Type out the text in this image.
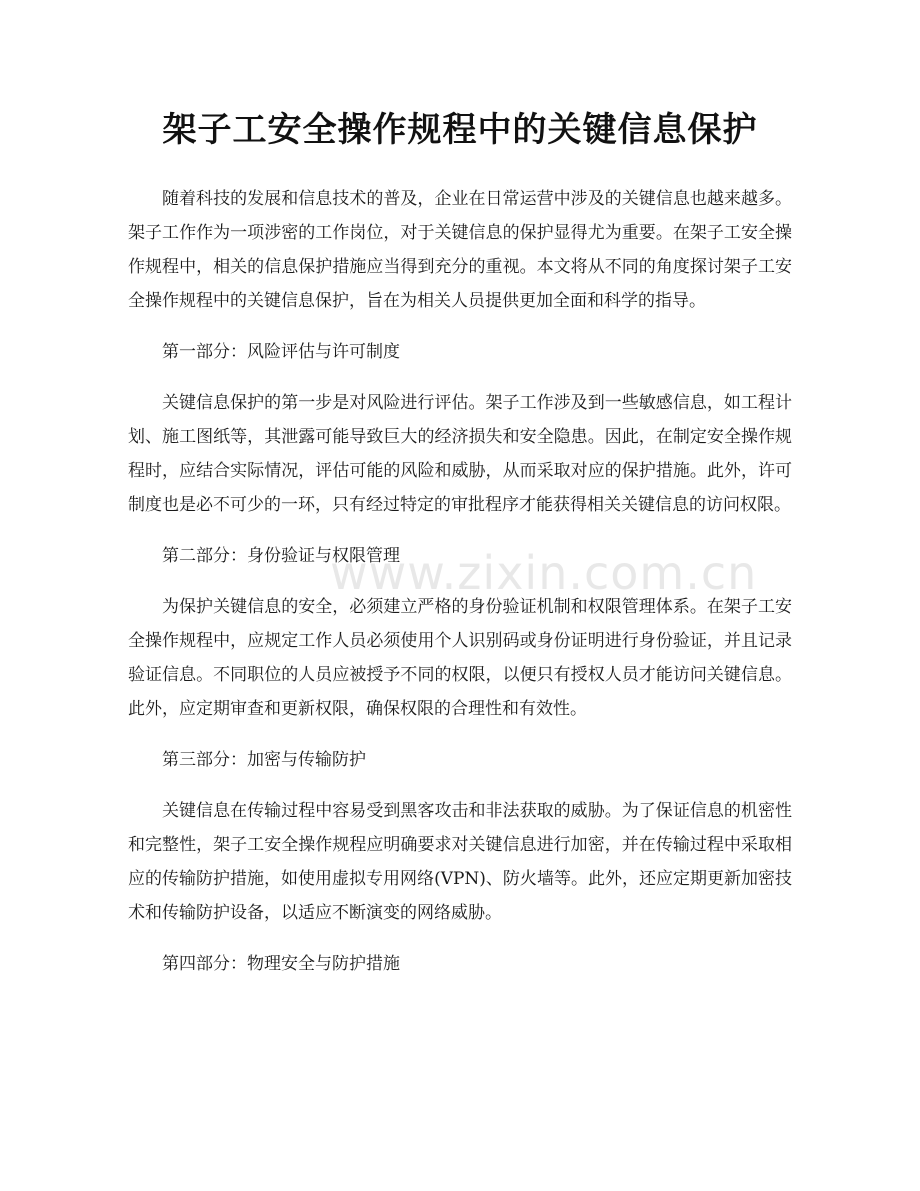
架子工安全操作规程中的关键信息保护

随着科技的发展和信息技术的普及，企业在日常运营中涉及的关键信息也越来越多。架子工作作为一项涉密的工作岗位，对于关键信息的保护显得尤为重要。在架子工安全操作规程中，相关的信息保护措施应当得到充分的重视。本文将从不同的角度探讨架子工安全操作规程中的关键信息保护，旨在为相关人员提供更加全面和科学的指导。

第一部分：风险评估与许可制度

关键信息保护的第一步是对风险进行评估。架子工作涉及到一些敏感信息，如工程计划、施工图纸等，其泄露可能导致巨大的经济损失和安全隐患。因此，在制定安全操作规程时，应结合实际情况，评估可能的风险和威胁，从而采取对应的保护措施。此外，许可制度也是必不可少的一环，只有经过特定的审批程序才能获得相关关键信息的访问权限。

第二部分：身份验证与权限管理

为保护关键信息的安全，必须建立严格的身份验证机制和权限管理体系。在架子工安全操作规程中，应规定工作人员必须使用个人识别码或身份证明进行身份验证，并且记录验证信息。不同职位的人员应被授予不同的权限，以便只有授权人员才能访问关键信息。此外，应定期审查和更新权限，确保权限的合理性和有效性。

第三部分：加密与传输防护

关键信息在传输过程中容易受到黑客攻击和非法获取的威胁。为了保证信息的机密性和完整性，架子工安全操作规程应明确要求对关键信息进行加密，并在传输过程中采取相应的传输防护措施，如使用虚拟专用网络(VPN)、防火墙等。此外，还应定期更新加密技术和传输防护设备，以适应不断演变的网络威胁。

第四部分：物理安全与防护措施

www.zixin.com.cn
